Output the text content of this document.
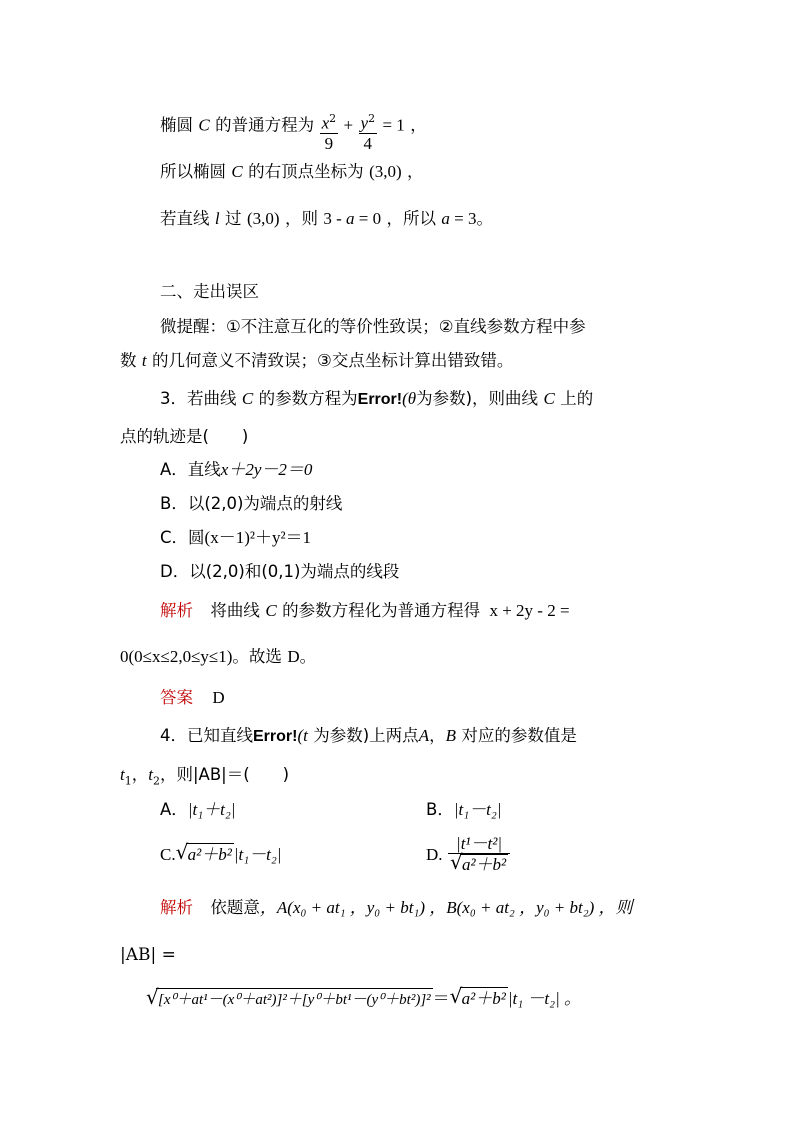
椭圆 C 的普通方程为 $\frac{x^2}{9} + \frac{y^2}{4} = 1$ ，
所以椭圆 C 的右顶点坐标为 (3,0) ，
若直线 l 过 (3,0) ，则 3 - a = 0 ，所以 a = 3。
二、走出误区
微提醒：①不注意互化的等价性致误；②直线参数方程中参
数 t 的几何意义不清致误；③交点坐标计算出错致错。
3．若曲线 C 的参数方程为Error!(θ为参数)，则曲线 C 上的
点的轨迹是(　　)
A．直线x＋2y－2＝0
B．以(2,0)为端点的射线
C．圆(x－1)²＋y²＝1
D．以(2,0)和(0,1)为端点的线段
解析 将曲线 C 的参数方程化为普通方程得 x + 2y - 2 =
0(0≤x≤2,0≤y≤1)。故选 D。
答案 D
4．已知直线Error!(t 为参数)上两点A，B 对应的参数值是
$t_1$，$t_2$，则|AB|＝(　　)
A．|t₁＋t₂|	B．|t₁－t₂|
C. √ a²＋b² |t₁－t₂|	D. $\frac{\text{|t¹－t²|}}{\text{√ a²＋b²}}$
解析 依题意，A(x₀ + at₁ ，y₀ + bt₁) ，B(x₀ + at₂ ，y₀ + bt₂) ，则
|AB| =
√ [x⁰＋at¹－(x⁰＋at²)]²＋[y⁰＋bt¹－(y⁰＋bt²)]² ＝ √ a²＋b² |t₁ －t₂| 。
